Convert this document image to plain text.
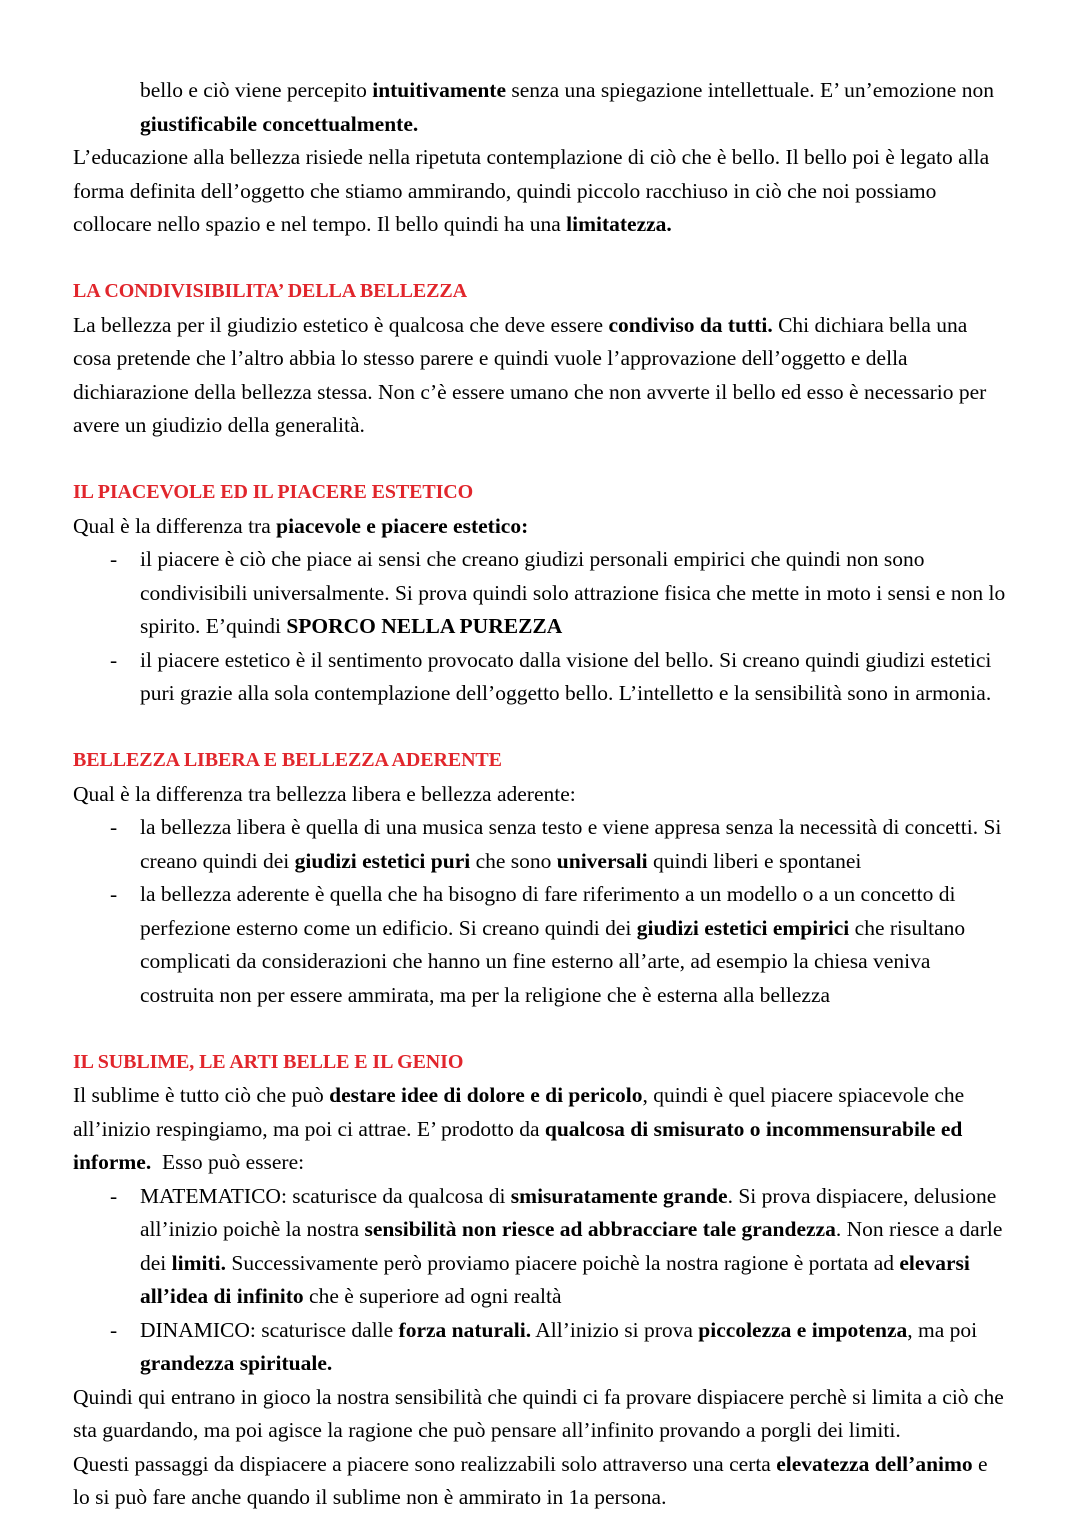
bello e ciò viene percepito intuitivamente senza una spiegazione intellettuale. E’ un’emozione non giustificabile concettualmente.

L’educazione alla bellezza risiede nella ripetuta contemplazione di ciò che è bello. Il bello poi è legato alla forma definita dell’oggetto che stiamo ammirando, quindi piccolo racchiuso in ciò che noi possiamo collocare nello spazio e nel tempo. Il bello quindi ha una limitatezza.

LA CONDIVISIBILITA’ DELLA BELLEZZA

La bellezza per il giudizio estetico è qualcosa che deve essere condiviso da tutti. Chi dichiara bella una cosa pretende che l’altro abbia lo stesso parere e quindi vuole l’approvazione dell’oggetto e della dichiarazione della bellezza stessa. Non c’è essere umano che non avverte il bello ed esso è necessario per avere un giudizio della generalità.

IL PIACEVOLE ED IL PIACERE ESTETICO

Qual è la differenza tra piacevole e piacere estetico:

-	il piacere è ciò che piace ai sensi che creano giudizi personali empirici che quindi non sono condivisibili universalmente. Si prova quindi solo attrazione fisica che mette in moto i sensi e non lo spirito. E’quindi SPORCO NELLA PUREZZA
-	il piacere estetico è il sentimento provocato dalla visione del bello. Si creano quindi giudizi estetici puri grazie alla sola contemplazione dell’oggetto bello. L’intelletto e la sensibilità sono in armonia.

BELLEZZA LIBERA E BELLEZZA ADERENTE

Qual è la differenza tra bellezza libera e bellezza aderente:

-	la bellezza libera è quella di una musica senza testo e viene appresa senza la necessità di concetti. Si creano quindi dei giudizi estetici puri che sono universali quindi liberi e spontanei
-	la bellezza aderente è quella che ha bisogno di fare riferimento a un modello o a un concetto di perfezione esterno come un edificio. Si creano quindi dei giudizi estetici empirici che risultano complicati da considerazioni che hanno un fine esterno all’arte, ad esempio la chiesa veniva costruita non per essere ammirata, ma per la religione che è esterna alla bellezza

IL SUBLIME, LE ARTI BELLE E IL GENIO

Il sublime è tutto ciò che può destare idee di dolore e di pericolo, quindi è quel piacere spiacevole che all’inizio respingiamo, ma poi ci attrae. E’ prodotto da qualcosa di smisurato o incommensurabile ed informe.  Esso può essere:

-	MATEMATICO: scaturisce da qualcosa di smisuratamente grande. Si prova dispiacere, delusione all’inizio poichè la nostra sensibilità non riesce ad abbracciare tale grandezza. Non riesce a darle dei limiti. Successivamente però proviamo piacere poichè la nostra ragione è portata ad elevarsi all’idea di infinito che è superiore ad ogni realtà
-	DINAMICO: scaturisce dalle forza naturali. All’inizio si prova piccolezza e impotenza, ma poi grandezza spirituale.

Quindi qui entrano in gioco la nostra sensibilità che quindi ci fa provare dispiacere perchè si limita a ciò che sta guardando, ma poi agisce la ragione che può pensare all’infinito provando a porgli dei limiti.

Questi passaggi da dispiacere a piacere sono realizzabili solo attraverso una certa elevatezza dell’animo e lo si può fare anche quando il sublime non è ammirato in 1a persona.
